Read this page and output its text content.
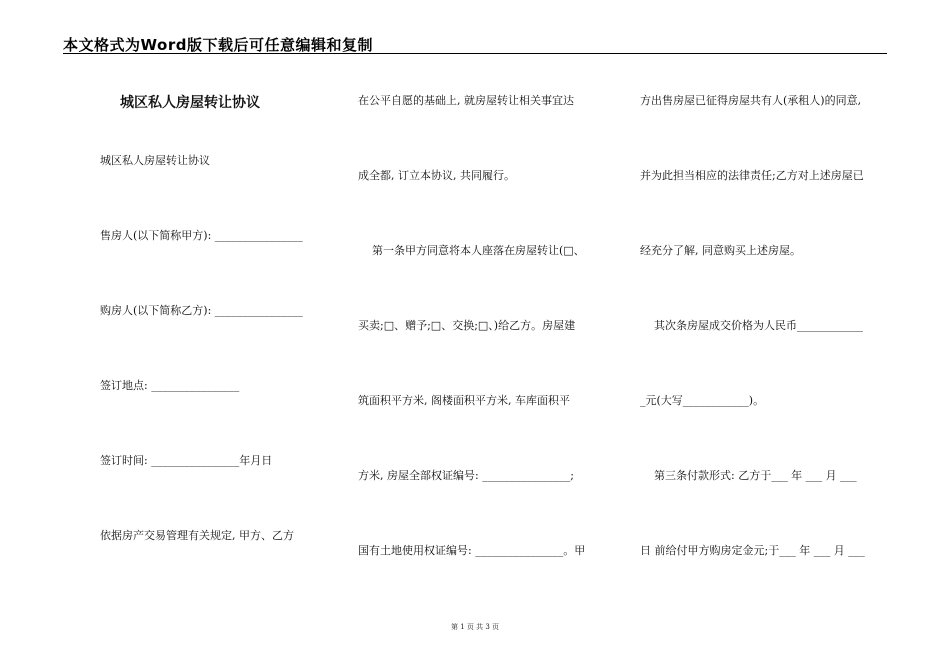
本文格式为Word版下载后可任意编辑和复制
城区私人房屋转让协议
城区私人房屋转让协议
售房人(以下简称甲方): ________________
购房人(以下简称乙方): ________________
签订地点: ________________
签订时间: ________________年月日
依据房产交易管理有关规定, 甲方、乙方
在公平自愿的基础上, 就房屋转让相关事宜达
成全都, 订立本协议, 共同履行。
第一条甲方同意将本人座落在房屋转让(□、
买卖;□、赠予;□、交换;□、)给乙方。房屋建
筑面积平方米, 阁楼面积平方米, 车库面积平
方米, 房屋全部权证编号: ________________;
国有土地使用权证编号: ________________。甲
方出售房屋已征得房屋共有人(承租人)的同意,
并为此担当相应的法律责任;乙方对上述房屋已
经充分了解, 同意购买上述房屋。
其次条房屋成交价格为人民币____________
_元(大写____________)。
第三条付款形式: 乙方于___ 年 ___ 月 ___
日 前给付甲方购房定金元;于___ 年 ___ 月 ___
第 1 页 共 3 页
